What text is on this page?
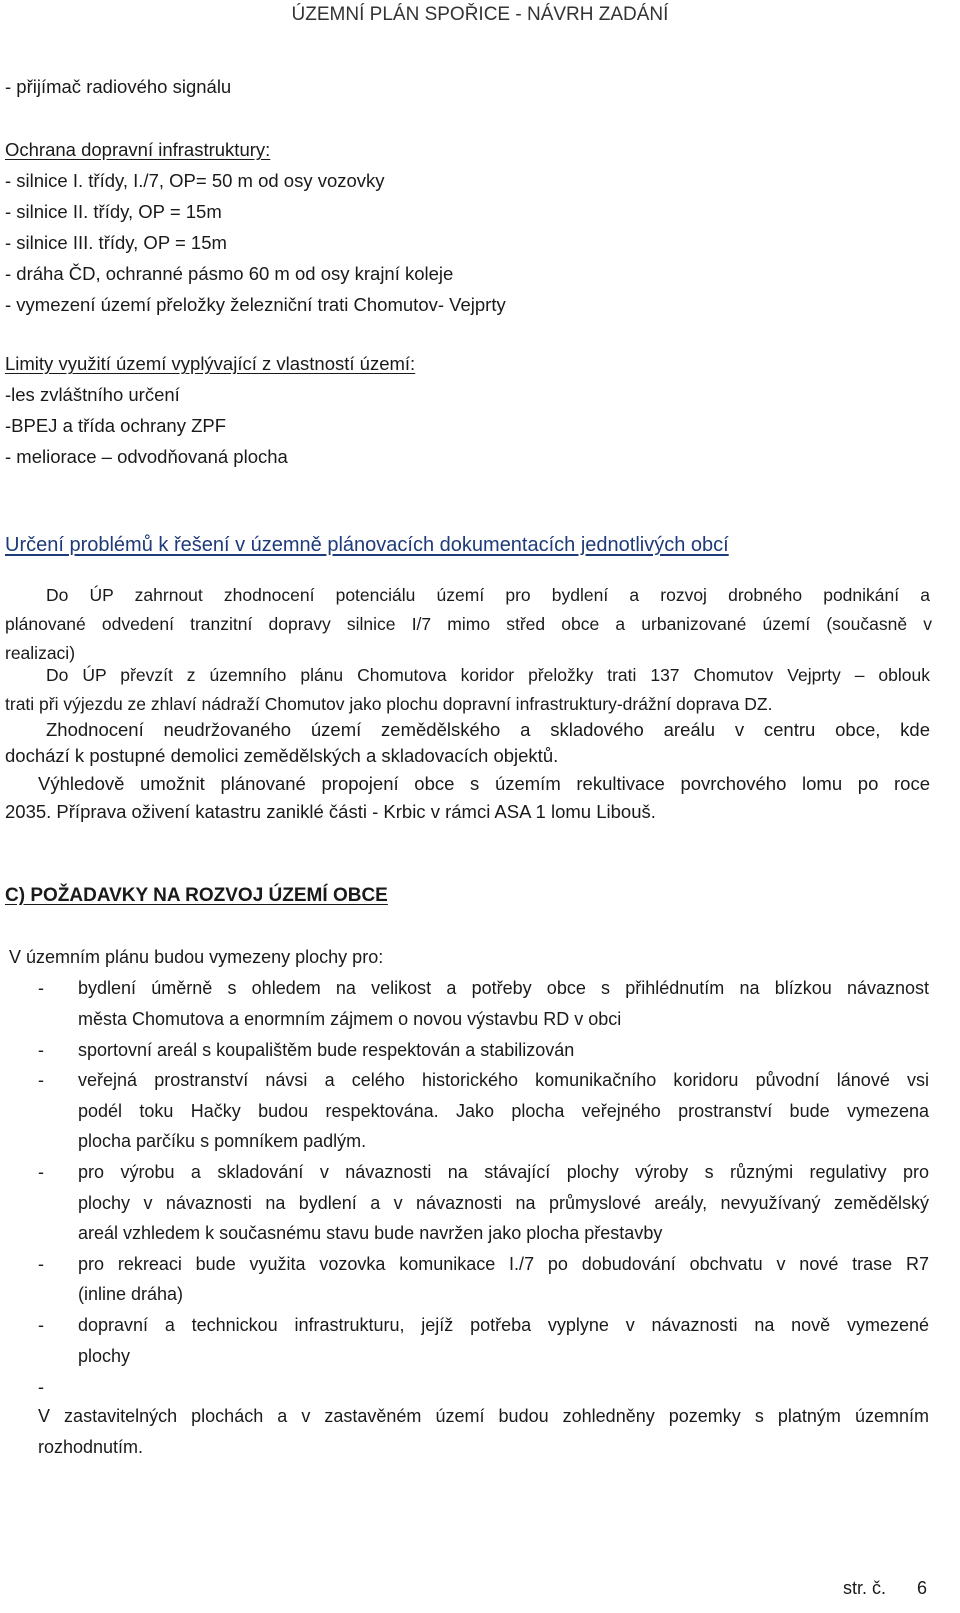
ÚZEMNÍ PLÁN SPOŘICE - NÁVRH ZADÁNÍ
- přijímač radiového signálu
Ochrana dopravní infrastruktury:
- silnice I. třídy, I./7, OP= 50 m od osy vozovky
- silnice II. třídy, OP = 15m
- silnice III. třídy, OP = 15m
- dráha ČD, ochranné pásmo 60 m od osy krajní koleje
- vymezení území přeložky železniční trati Chomutov- Vejprty
Limity využití území vyplývající z vlastností území:
-les zvláštního určení
-BPEJ a třída ochrany ZPF
- meliorace – odvodňovaná plocha
Určení problémů k řešení v územně plánovacích dokumentacích jednotlivých obcí
Do ÚP zahrnout zhodnocení potenciálu území pro bydlení a rozvoj drobného podnikání a
plánované odvedení tranzitní dopravy silnice I/7 mimo střed obce a urbanizované území (současně v
realizaci)
Do ÚP převzít z územního plánu Chomutova koridor přeložky trati 137 Chomutov Vejprty – oblouk
trati při výjezdu ze zhlaví nádraží Chomutov jako plochu dopravní infrastruktury-drážní doprava DZ.
Zhodnocení neudržovaného území zemědělského a skladového areálu v centru obce, kde
dochází k postupné demolici zemědělských a skladovacích objektů.
Výhledově umožnit plánované propojení obce s územím rekultivace povrchového lomu po roce
2035. Příprava oživení katastru zaniklé části - Krbic v rámci ASA 1 lomu Libouš.
C) POŽADAVKY NA ROZVOJ ÚZEMÍ OBCE
V územním plánu budou vymezeny plochy pro:
- bydlení úměrně s ohledem na velikost a potřeby obce s přihlédnutím na blízkou návaznost
města Chomutova a enormním zájmem o novou výstavbu RD v obci
- sportovní areál s koupalištěm bude respektován a stabilizován
- veřejná prostranství návsi a celého historického komunikačního koridoru původní lánové vsi
podél toku Hačky budou respektována. Jako plocha veřejného prostranství bude vymezena
plocha parčíku s pomníkem padlým.
- pro výrobu a skladování v návaznosti na stávající plochy výroby s různými regulativy pro
plochy v návaznosti na bydlení a v návaznosti na průmyslové areály, nevyužívaný zemědělský
areál vzhledem k současnému stavu bude navržen jako plocha přestavby
- pro rekreaci bude využita vozovka komunikace I./7 po dobudování obchvatu v nové trase R7
(inline dráha)
- dopravní a technickou infrastrukturu, jejíž potřeba vyplyne v návaznosti na nově vymezené
plochy
-
V zastavitelných plochách a v zastavěném území budou zohledněny pozemky s platným územním
rozhodnutím.
str. č. 6
